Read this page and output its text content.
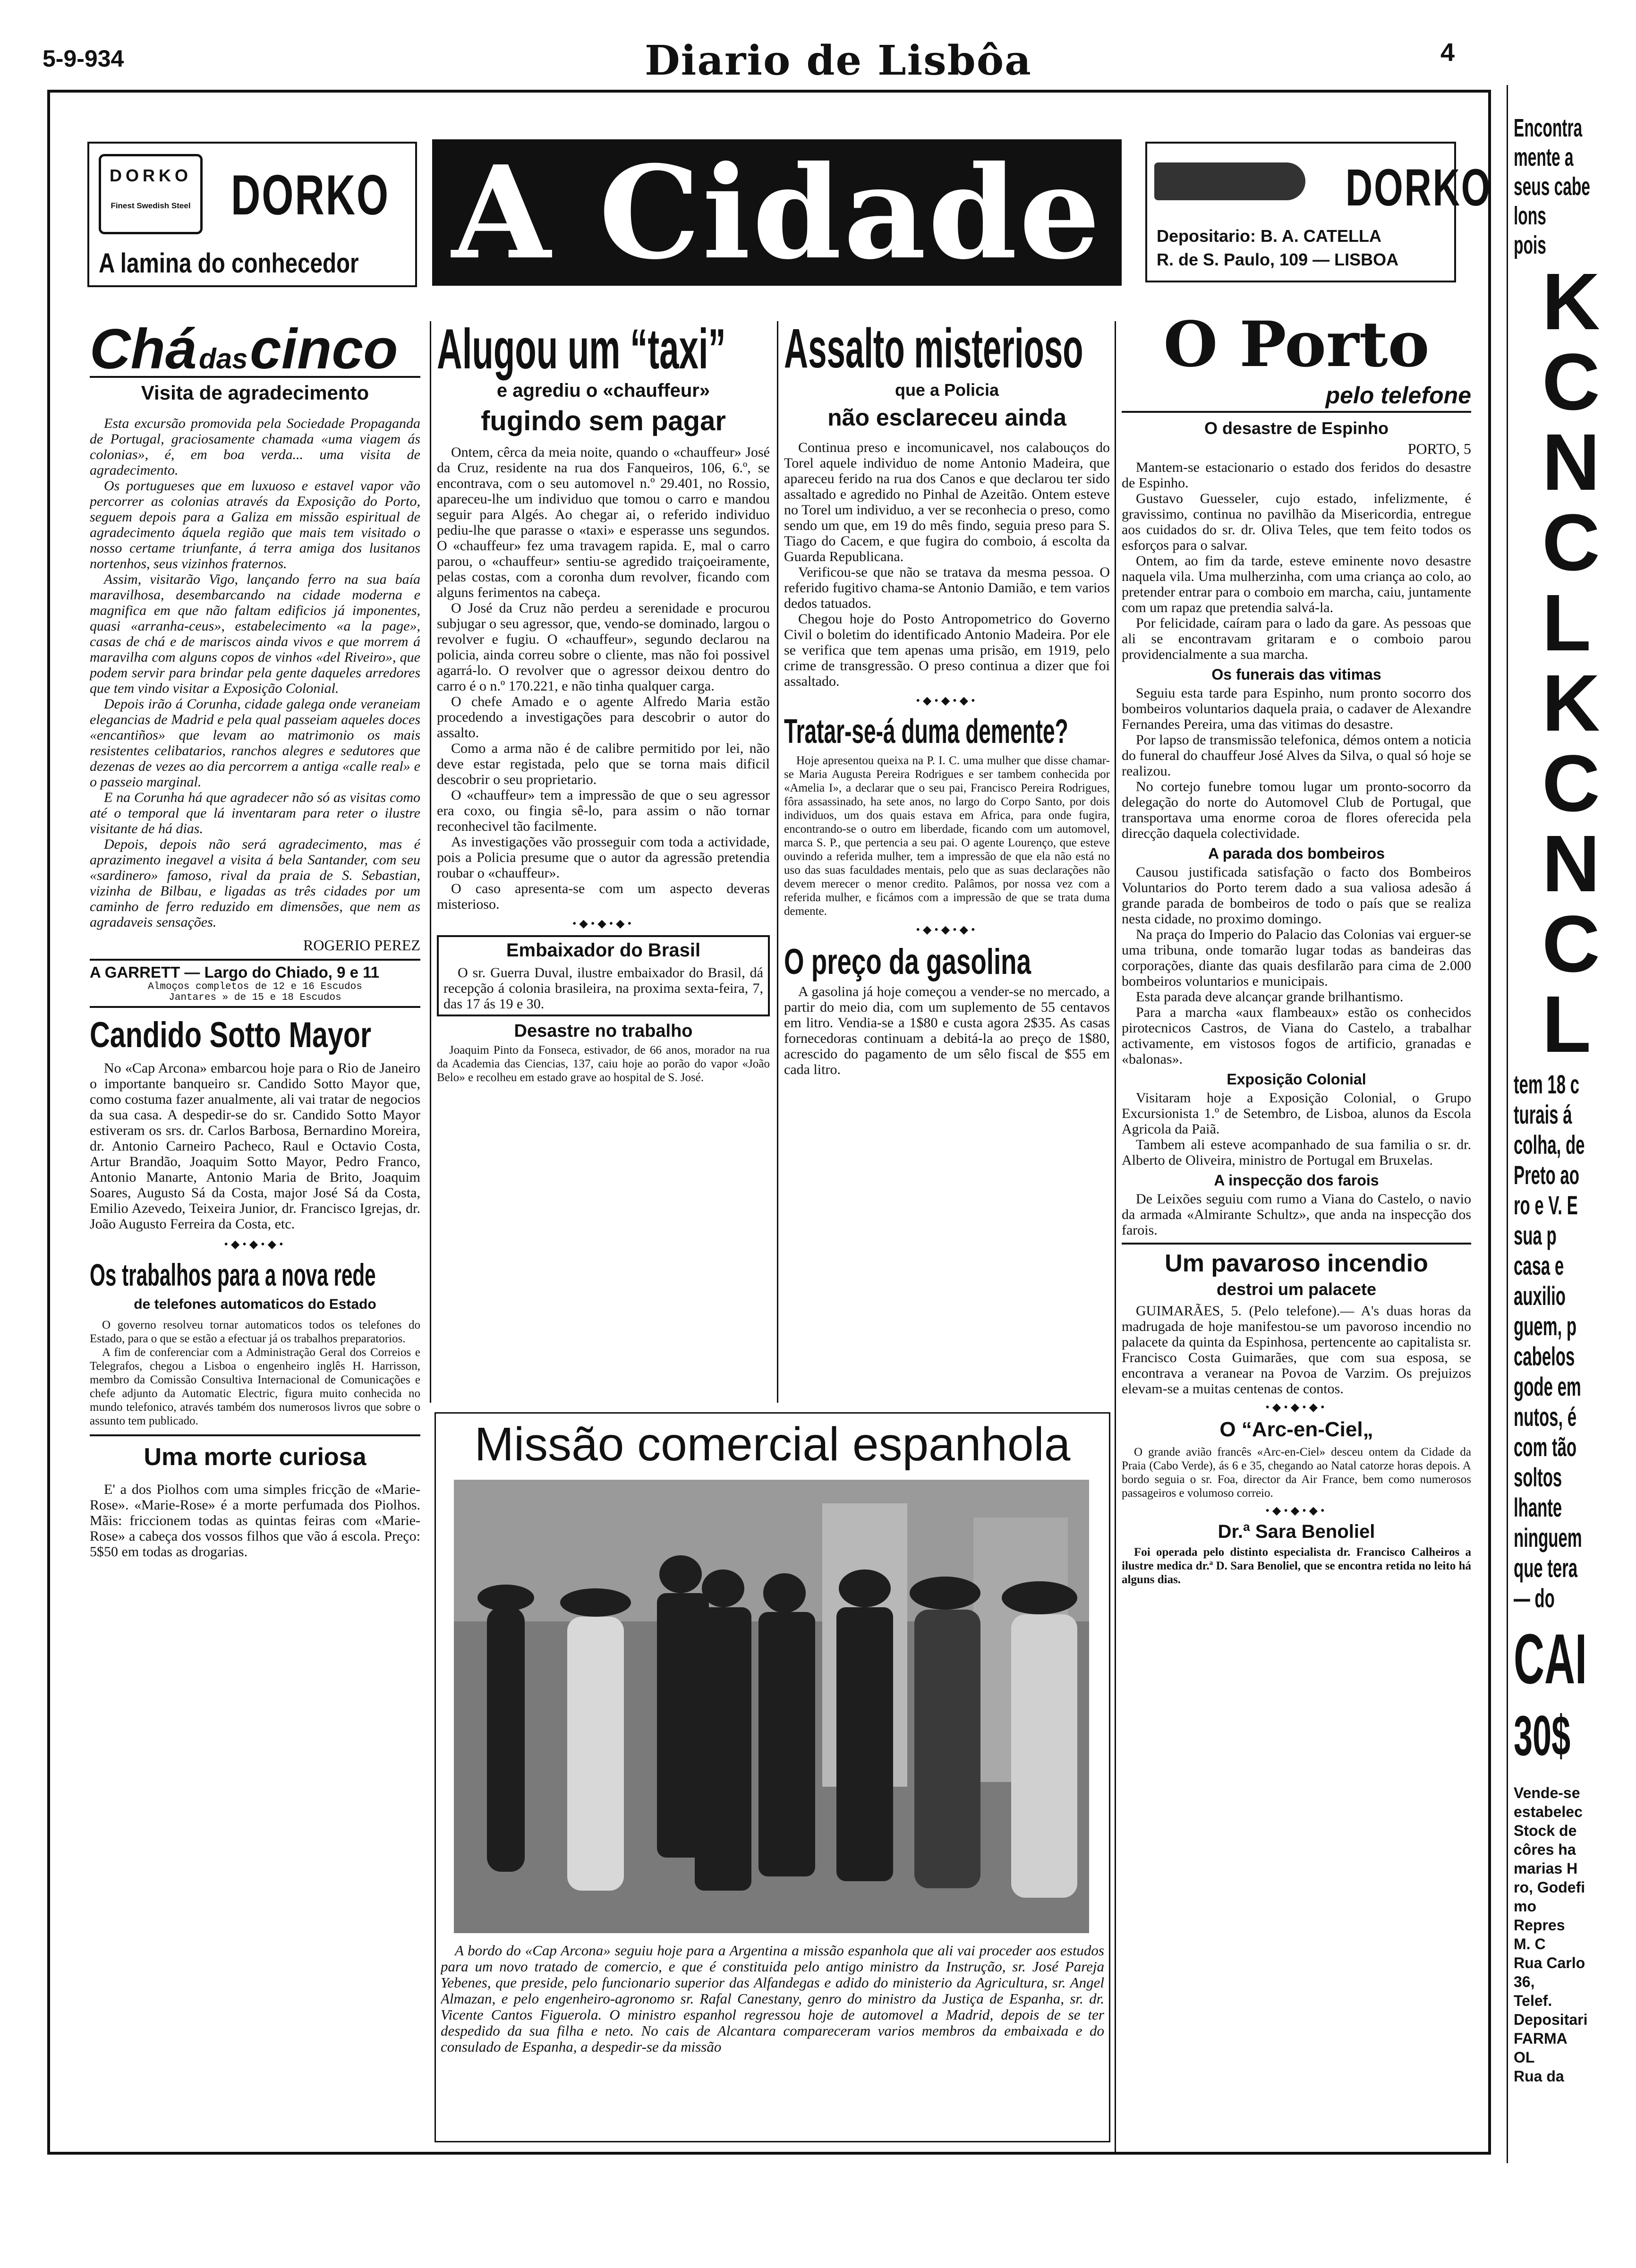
5-9-934	Diario de Lisbôa	4
DORKO
Finest Swedish Steel DORKO
A lamina do conhecedor A Cidade	DORKO
Depositario: B. A. CATELLA
R. de S. Paulo, 109 — LISBOA
Chá das cinco
Visita de agradecimento

Esta excursão promovida pela Sociedade Propaganda de Portugal, graciosamente chamada «uma viagem ás colonias», é, em boa verda... uma visita de agradecimento.

Os portugueses que em luxuoso e estavel vapor vão percorrer as colonias através da Exposição do Porto, seguem depois para a Galiza em missão espiritual de agradecimento áquela região que mais tem visitado o nosso certame triunfante, á terra amiga dos lusitanos nortenhos, seus vizinhos fraternos.

Assim, visitarão Vigo, lançando ferro na sua baía maravilhosa, desembarcando na cidade moderna e magnifica em que não faltam edificios já imponentes, quasi «arranha-ceus», estabelecimento «a la page», casas de chá e de mariscos ainda vivos e que morrem á maravilha com alguns copos de vinhos «del Riveiro», que podem servir para brindar pela gente daqueles arredores que tem vindo visitar a Exposição Colonial.

Depois irão á Corunha, cidade galega onde veraneiam elegancias de Madrid e pela qual passeiam aqueles doces «encantiños» que levam ao matrimonio os mais resistentes celibatarios, ranchos alegres e sedutores que dezenas de vezes ao dia percorrem a antiga «calle real» e o passeio marginal.

E na Corunha há que agradecer não só as visitas como até o temporal que lá inventaram para reter o ilustre visitante de há dias.

Depois, depois não será agradecimento, mas é aprazimento inegavel a visita á bela Santander, com seu «sardinero» famoso, rival da praia de S. Sebastian, vizinha de Bilbau, e ligadas as três cidades por um caminho de ferro reduzido em dimensões, que nem as agradaveis sensações.

ROGERIO PEREZ
A GARRETT — Largo do Chiado, 9 e 11
Almoços completos de 12 e 16 Escudos
Jantares » de 15 e 18 Escudos
Candido Sotto Mayor

No «Cap Arcona» embarcou hoje para o Rio de Janeiro o importante banqueiro sr. Candido Sotto Mayor que, como costuma fazer anualmente, ali vai tratar de negocios da sua casa. A despedir-se do sr. Candido Sotto Mayor estiveram os srs. dr. Carlos Barbosa, Bernardino Moreira, dr. Antonio Carneiro Pacheco, Raul e Octavio Costa, Artur Brandão, Joaquim Sotto Mayor, Pedro Franco, Antonio Manarte, Antonio Maria de Brito, Joaquim Soares, Augusto Sá da Costa, major José Sá da Costa, Emilio Azevedo, Teixeira Junior, dr. Francisco Igrejas, dr. João Augusto Ferreira da Costa, etc.

•◆•◆•◆•
Os trabalhos para a nova rede
de telefones automaticos do Estado

O governo resolveu tornar automaticos todos os telefones do Estado, para o que se estão a efectuar já os trabalhos preparatorios.

A fim de conferenciar com a Administração Geral dos Correios e Telegrafos, chegou a Lisboa o engenheiro inglês H. Harrisson, membro da Comissão Consultiva Internacional de Comunicações e chefe adjunto da Automatic Electric, figura muito conhecida no mundo telefonico, através também dos numerosos livros que sobre o assunto tem publicado.

Uma morte curiosa

E' a dos Piolhos com uma simples fricção de «Marie-Rose». «Marie-Rose» é a morte perfumada dos Piolhos. Mãis: friccionem todas as quintas feiras com «Marie-Rose» a cabeça dos vossos filhos que vão á escola. Preço: 5$50 em todas as drogarias.

Alugou um “taxi”
e agrediu o «chauffeur»
fugindo sem pagar

Ontem, cêrca da meia noite, quando o «chauffeur» José da Cruz, residente na rua dos Fanqueiros, 106, 6.º, se encontrava, com o seu automovel n.º 29.401, no Rossio, apareceu-lhe um individuo que tomou o carro e mandou seguir para Algés. Ao chegar ai, o referido individuo pediu-lhe que parasse o «taxi» e esperasse uns segundos. O «chauffeur» fez uma travagem rapida. E, mal o carro parou, o «chauffeur» sentiu-se agredido traiçoeiramente, pelas costas, com a coronha dum revolver, ficando com alguns ferimentos na cabeça.

O José da Cruz não perdeu a serenidade e procurou subjugar o seu agressor, que, vendo-se dominado, largou o revolver e fugiu. O «chauffeur», segundo declarou na policia, ainda correu sobre o cliente, mas não foi possivel agarrá-lo. O revolver que o agressor deixou dentro do carro é o n.º 170.221, e não tinha qualquer carga.

O chefe Amado e o agente Alfredo Maria estão procedendo a investigações para descobrir o autor do assalto.

Como a arma não é de calibre permitido por lei, não deve estar registada, pelo que se torna mais dificil descobrir o seu proprietario.

O «chauffeur» tem a impressão de que o seu agressor era coxo, ou fingia sê-lo, para assim o não tornar reconhecivel tão facilmente.

As investigações vão prosseguir com toda a actividade, pois a Policia presume que o autor da agressão pretendia roubar o «chauffeur».

O caso apresenta-se com um aspecto deveras misterioso.

•◆•◆•◆•
Embaixador do Brasil

O sr. Guerra Duval, ilustre embaixador do Brasil, dá recepção á colonia brasileira, na proxima sexta-feira, 7, das 17 ás 19 e 30.

Desastre no trabalho

Joaquim Pinto da Fonseca, estivador, de 66 anos, morador na rua da Academia das Ciencias, 137, caiu hoje ao porão do vapor «João Belo» e recolheu em estado grave ao hospital de S. José.

Assalto misterioso
que a Policia
não esclareceu ainda

Continua preso e incomunicavel, nos calabouços do Torel aquele individuo de nome Antonio Madeira, que apareceu ferido na rua dos Canos e que declarou ter sido assaltado e agredido no Pinhal de Azeitão. Ontem esteve no Torel um individuo, a ver se reconhecia o preso, como sendo um que, em 19 do mês findo, seguia preso para S. Tiago do Cacem, e que fugira do comboio, á escolta da Guarda Republicana.

Verificou-se que não se tratava da mesma pessoa. O referido fugitivo chama-se Antonio Damião, e tem varios dedos tatuados.

Chegou hoje do Posto Antropometrico do Governo Civil o boletim do identificado Antonio Madeira. Por ele se verifica que tem apenas uma prisão, em 1919, pelo crime de transgressão. O preso continua a dizer que foi assaltado.

•◆•◆•◆•
Tratar-se-á duma demente?

Hoje apresentou queixa na P. I. C. uma mulher que disse chamar-se Maria Augusta Pereira Rodrigues e ser tambem conhecida por «Amelia I», a declarar que o seu pai, Francisco Pereira Rodrigues, fôra assassinado, ha sete anos, no largo do Corpo Santo, por dois individuos, um dos quais estava em Africa, para onde fugira, encontrando-se o outro em liberdade, ficando com um automovel, marca S. P., que pertencia a seu pai. O agente Lourenço, que esteve ouvindo a referida mulher, tem a impressão de que ela não está no uso das suas faculdades mentais, pelo que as suas declarações não devem merecer o menor credito. Palâmos, por nossa vez com a referida mulher, e ficámos com a impressão de que se trata duma demente.

•◆•◆•◆•
O preço da gasolina

A gasolina já hoje começou a vender-se no mercado, a partir do meio dia, com um suplemento de 55 centavos em litro. Vendia-se a 1$80 e custa agora 2$35. As casas fornecedoras continuam a debitá-la ao preço de 1$80, acrescido do pagamento de um sêlo fiscal de $55 em cada litro.

O Porto
pelo telefone
O desastre de Espinho
PORTO, 5

Mantem-se estacionario o estado dos feridos do desastre de Espinho.

Gustavo Guesseler, cujo estado, infelizmente, é gravissimo, continua no pavilhão da Misericordia, entregue aos cuidados do sr. dr. Oliva Teles, que tem feito todos os esforços para o salvar.

Ontem, ao fim da tarde, esteve eminente novo desastre naquela vila. Uma mulherzinha, com uma criança ao colo, ao pretender entrar para o comboio em marcha, caiu, juntamente com um rapaz que pretendia salvá-la.

Por felicidade, caíram para o lado da gare. As pessoas que ali se encontravam gritaram e o comboio parou providencialmente a sua marcha.

Os funerais das vitimas

Seguiu esta tarde para Espinho, num pronto socorro dos bombeiros voluntarios daquela praia, o cadaver de Alexandre Fernandes Pereira, uma das vitimas do desastre.

Por lapso de transmissão telefonica, démos ontem a noticia do funeral do chauffeur José Alves da Silva, o qual só hoje se realizou.

No cortejo funebre tomou lugar um pronto-socorro da delegação do norte do Automovel Club de Portugal, que transportava uma enorme coroa de flores oferecida pela direcção daquela colectividade.

A parada dos bombeiros

Causou justificada satisfação o facto dos Bombeiros Voluntarios do Porto terem dado a sua valiosa adesão á grande parada de bombeiros de todo o país que se realiza nesta cidade, no proximo domingo.

Na praça do Imperio do Palacio das Colonias vai erguer-se uma tribuna, onde tomarão lugar todas as bandeiras das corporações, diante das quais desfilarão para cima de 2.000 bombeiros voluntarios e municipais.

Esta parada deve alcançar grande brilhantismo.

Para a marcha «aux flambeaux» estão os conhecidos pirotecnicos Castros, de Viana do Castelo, a trabalhar activamente, em vistosos fogos de artificio, granadas e «balonas».

Exposição Colonial

Visitaram hoje a Exposição Colonial, o Grupo Excursionista 1.º de Setembro, de Lisboa, alunos da Escola Agricola da Paiã.

Tambem ali esteve acompanhado de sua familia o sr. dr. Alberto de Oliveira, ministro de Portugal em Bruxelas.

A inspecção dos farois

De Leixões seguiu com rumo a Viana do Castelo, o navio da armada «Almirante Schultz», que anda na inspecção dos farois.

Um pavaroso incendio
destroi um palacete

GUIMARÃES, 5. (Pelo telefone).— A's duas horas da madrugada de hoje manifestou-se um pavoroso incendio no palacete da quinta da Espinhosa, pertencente ao capitalista sr. Francisco Costa Guimarães, que com sua esposa, se encontrava a veranear na Povoa de Varzim. Os prejuizos elevam-se a muitas centenas de contos.

•◆•◆•◆•
O “Arc-en-Ciel„

O grande avião francês «Arc-en-Ciel» desceu ontem da Cidade da Praia (Cabo Verde), ás 6 e 35, chegando ao Natal catorze horas depois. A bordo seguia o sr. Foa, director da Air France, bem como numerosos passageiros e volumoso correio.

•◆•◆•◆•
Dr.ª Sara Benoliel

Foi operada pelo distinto especialista dr. Francisco Calheiros a ilustre medica dr.ª D. Sara Benoliel, que se encontra retida no leito há alguns dias.

Missão comercial espanhola
A bordo do «Cap Arcona» seguiu hoje para a Argentina a missão espanhola que ali vai proceder aos estudos para um novo tratado de comercio, e que é constituida pelo antigo ministro da Instrução, sr. José Pareja Yebenes, que preside, pelo funcionario superior das Alfandegas e adido do ministerio da Agricultura, sr. Angel Almazan, e pelo engenheiro-agronomo sr. Rafal Canestany, genro do ministro da Justiça de Espanha, sr. dr. Vicente Cantos Figuerola. O ministro espanhol regressou hoje de automovel a Madrid, depois de se ter despedido da sua filha e neto. No cais de Alcantara compareceram varios membros da embaixada e do consulado de Espanha, a despedir-se da missão
Encontra
mente a
seus cabe
lons
pois
K
C
N
C
L
K
C
N
C
L
tem 18 c
turais á
colha, de
Preto ao
ro e V. E
sua p
casa e
auxilio
guem, p
cabelos
gode em
nutos, é
com tão
soltos
lhante
ninguem
que tera
— do
CAI
30$
Vende-se
estabelec
Stock de
côres ha
marias H
ro, Godefi
mo
Repres
M. C
Rua Carlo
36,
Telef.
Depositari
FARMA
OL
Rua da
